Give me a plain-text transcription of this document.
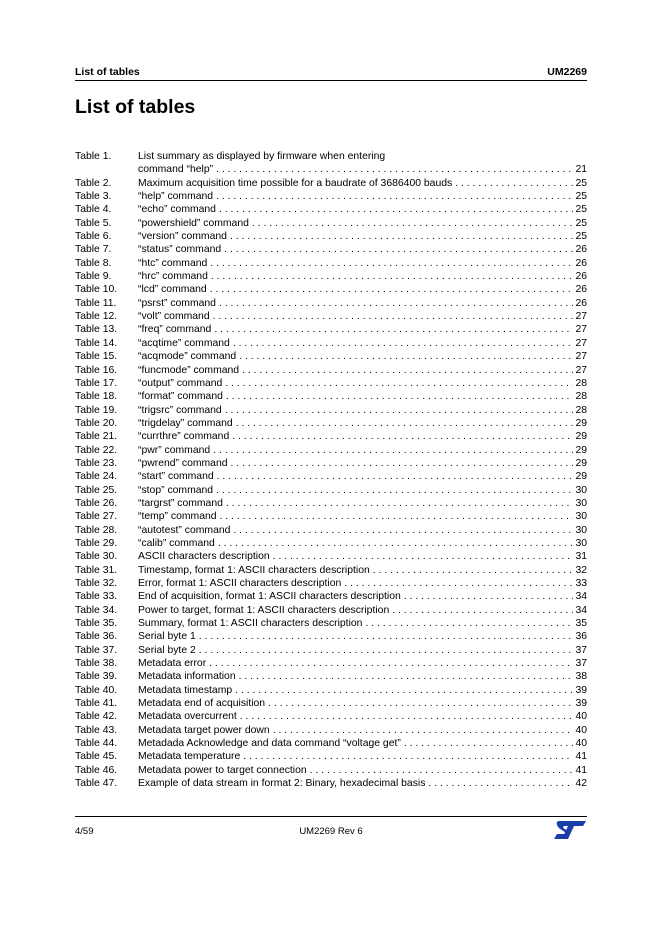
List of tables	UM2269
List of tables
Table 1.	List summary as displayed by firmware when entering
command “help” . . .	21
Table 2.	Maximum acquisition time possible for a baudrate of 3686400 bauds . . .	25
Table 3.	“help” command . . .	25
Table 4.	“echo” command . . .	25
Table 5.	“powershield” command . . .	25
Table 6.	“version” command . . .	25
Table 7.	“status” command . . .	26
Table 8.	“htc” command . . .	26
Table 9.	“hrc” command . . .	26
Table 10.	“lcd” command . . .	26
Table 11.	“psrst” command . . .	26
Table 12.	“volt” command . . .	27
Table 13.	“freq” command . . .	27
Table 14.	“acqtime” command . . .	27
Table 15.	“acqmode” command . . .	27
Table 16.	“funcmode” command . . .	27
Table 17.	“output” command . . .	28
Table 18.	“format” command . . .	28
Table 19.	“trigsrc” command . . .	28
Table 20.	“trigdelay” command . . .	29
Table 21.	“currthre” command . . .	29
Table 22.	“pwr” command . . .	29
Table 23.	“pwrend” command . . .	29
Table 24.	“start” command . . .	29
Table 25.	“stop” command . . .	30
Table 26.	“targrst” command . . .	30
Table 27.	“temp” command . . .	30
Table 28.	“autotest” command . . .	30
Table 29.	“calib” command . . .	30
Table 30.	ASCII characters description . . .	31
Table 31.	Timestamp, format 1: ASCII characters description . . .	32
Table 32.	Error, format 1: ASCII characters description . . .	33
Table 33.	End of acquisition, format 1: ASCII characters description . . .	34
Table 34.	Power to target, format 1: ASCII characters description . . .	34
Table 35.	Summary, format 1: ASCII characters description . . .	35
Table 36.	Serial byte 1 . . .	36
Table 37.	Serial byte 2 . . .	37
Table 38.	Metadata error . . .	37
Table 39.	Metadata information . . .	38
Table 40.	Metadata timestamp . . .	39
Table 41.	Metadata end of acquisition . . .	39
Table 42.	Metadata overcurrent . . .	40
Table 43.	Metadata target power down . . .	40
Table 44.	Metadada Acknowledge and data command “voltage get” . . .	40
Table 45.	Metadata temperature . . .	41
Table 46.	Metadata power to target connection . . .	41
Table 47.	Example of data stream in format 2: Binary, hexadecimal basis . . .	42
4/59	UM2269 Rev 6
